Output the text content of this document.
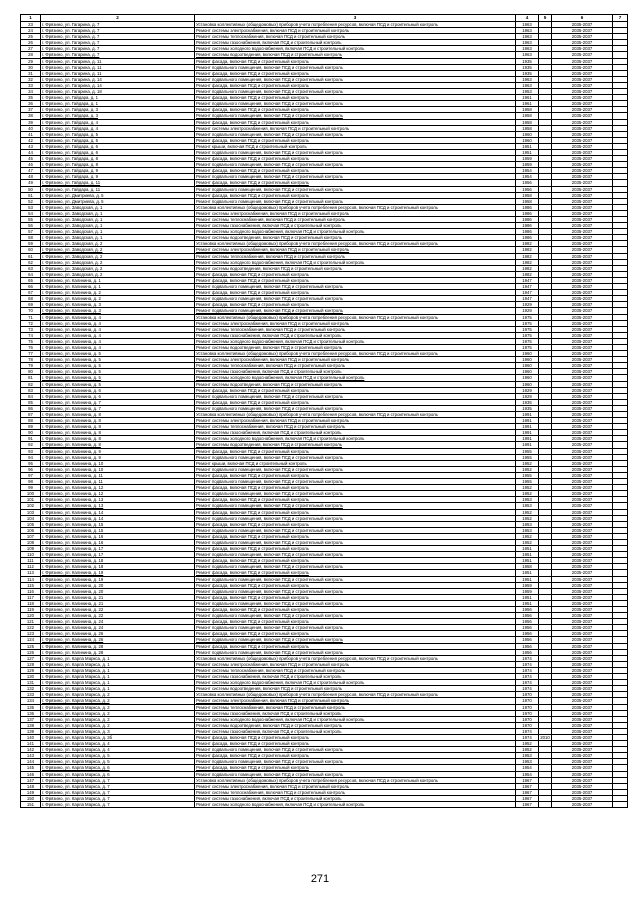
1	2	3	4	5	6	7
23	г. Фрязино, ул. Гагарина, д. 7	Установка коллективных (общедомовых) приборов учета потребления ресурсов, включая ПСД и строительный контроль	1963		2035-2037	
24	г. Фрязино, ул. Гагарина, д. 7	Ремонт системы электроснабжения, включая ПСД и строительный контроль	1963		2035-2037	
25	г. Фрязино, ул. Гагарина, д. 7	Ремонт системы теплоснабжения, включая ПСД и строительный контроль	1963		2035-2037	
26	г. Фрязино, ул. Гагарина, д. 7	Ремонт системы газоснабжения, включая ПСД и строительный контроль	1963		2035-2037	
27	г. Фрязино, ул. Гагарина, д. 7	Ремонт системы холодного водоснабжения, включая ПСД и строительный контроль	1963		2035-2037	
28	г. Фрязино, ул. Гагарина, д. 7	Ремонт системы водоотведения, включая ПСД и строительный контроль	1963		2035-2037	
29	г. Фрязино, ул. Гагарина, д. 11	Ремонт фасада, включая ПСД и строительный контроль	1935		2035-2037	
30	г. Фрязино, ул. Гагарина, д. 11	Ремонт подвального помещения, включая ПСД и строительный контроль	1935		2035-2037	
31	г. Фрязино, ул. Гагарина, д. 11	Ремонт фасада, включая ПСД и строительный контроль	1935		2035-2037	
32	г. Фрязино, ул. Гагарина, д. 14	Ремонт подвального помещения, включая ПСД и строительный контроль	1963		2035-2037	
33	г. Фрязино, ул. Гагарина, д. 14	Ремонт фасада, включая ПСД и строительный контроль	1963		2035-2037	
34	г. Фрязино, ул. Гагарина, д. 18	Ремонт подвального помещения, включая ПСД и строительный контроль	1953		2035-2037	
35	г. Фрязино, ул. Гайдара, д. 1	Ремонт фасада, включая ПСД и строительный контроль	1961		2035-2037	
36	г. Фрязино, ул. Гайдара, д. 1	Ремонт подвального помещения, включая ПСД и строительный контроль	1961		2035-2037	
37	г. Фрязино, ул. Гайдара, д. 3	Ремонт фасада, включая ПСД и строительный контроль	1958		2035-2037	
38	г. Фрязино, ул. Гайдара, д. 3	Ремонт подвального помещения, включая ПСД и строительный контроль	1958		2035-2037	
39	г. Фрязино, ул. Гайдара, д. 4	Ремонт фасада, включая ПСД и строительный контроль	1958		2035-2037	
40	г. Фрязино, ул. Гайдара, д. 4	Ремонт системы электроснабжения, включая ПСД и строительный контроль	1958		2035-2037	
41	г. Фрязино, ул. Гайдара, д. 5	Ремонт подвального помещения, включая ПСД и строительный контроль	1960		2035-2037	
42	г. Фрязино, ул. Гайдара, д. 5	Ремонт фасада, включая ПСД и строительный контроль	1960		2035-2037	
43	г. Фрязино, ул. Гайдара, д. 6	Ремонт крыши, включая ПСД и строительный контроль	1951		2035-2037	
44	г. Фрязино, ул. Гайдара, д. 6	Ремонт подвального помещения, включая ПСД и строительный контроль	1951		2035-2037	
45	г. Фрязино, ул. Гайдара, д. 8	Ремонт фасада, включая ПСД и строительный контроль	1959		2035-2037	
46	г. Фрязино, ул. Гайдара, д. 8	Ремонт подвального помещения, включая ПСД и строительный контроль	1959		2035-2037	
47	г. Фрязино, ул. Гайдара, д. 9	Ремонт фасада, включая ПСД и строительный контроль	1954		2035-2037	
48	г. Фрязино, ул. Гайдара, д. 9	Ремонт подвального помещения, включая ПСД и строительный контроль	1954		2035-2037	
49	г. Фрязино, ул. Гайдара, д. 11	Ремонт фасада, включая ПСД и строительный контроль	1956		2035-2037	
50	г. Фрязино, ул. Гайдара, д. 11	Ремонт подвального помещения, включая ПСД и строительный контроль	1956		2035-2037	
51	г. Фрязино, ул. Дмитриева, д. 5	Ремонт фасада, включая ПСД и строительный контроль	1958		2035-2037	
52	г. Фрязино, ул. Дмитриева, д. 5	Ремонт подвального помещения, включая ПСД и строительный контроль	1958		2035-2037	
53	г. Фрязино, ул. Заводская, д. 1	Установка коллективных (общедомовых) приборов учета потребления ресурсов, включая ПСД и строительный контроль	1986		2035-2037	
54	г. Фрязино, ул. Заводская, д. 1	Ремонт системы электроснабжения, включая ПСД и строительный контроль	1986		2035-2037	
55	г. Фрязино, ул. Заводская, д. 1	Ремонт системы теплоснабжения, включая ПСД и строительный контроль	1986		2035-2037	
56	г. Фрязино, ул. Заводская, д. 1	Ремонт системы газоснабжения, включая ПСД и строительный контроль	1986		2035-2037	
57	г. Фрязино, ул. Заводская, д. 1	Ремонт системы холодного водоснабжения, включая ПСД и строительный контроль	1986		2035-2037	
58	г. Фрязино, ул. Заводская, д. 1	Ремонт системы водоотведения, включая ПСД и строительный контроль	1986		2035-2037	
59	г. Фрязино, ул. Заводская, д. 2	Установка коллективных (общедомовых) приборов учета потребления ресурсов, включая ПСД и строительный контроль	1982		2035-2037	
60	г. Фрязино, ул. Заводская, д. 2	Ремонт системы электроснабжения, включая ПСД и строительный контроль	1982		2035-2037	
61	г. Фрязино, ул. Заводская, д. 2	Ремонт системы теплоснабжения, включая ПСД и строительный контроль	1982		2035-2037	
62	г. Фрязино, ул. Заводская, д. 2	Ремонт системы холодного водоснабжения, включая ПСД и строительный контроль	1982		2035-2037	
63	г. Фрязино, ул. Заводская, д. 2	Ремонт системы водоотведения, включая ПСД и строительный контроль	1982		2035-2037	
64	г. Фрязино, ул. Заводская, д. 2	Ремонт фасада, включая ПСД и строительный контроль	1982		2035-2037	
65	г. Фрязино, ул. Калинина, д. 1	Ремонт фасада, включая ПСД и строительный контроль	1947		2035-2037	
66	г. Фрязино, ул. Калинина, д. 1	Ремонт подвального помещения, включая ПСД и строительный контроль	1947		2035-2037	
67	г. Фрязино, ул. Калинина, д. 2	Ремонт фасада, включая ПСД и строительный контроль	1947		2035-2037	
68	г. Фрязино, ул. Калинина, д. 2	Ремонт подвального помещения, включая ПСД и строительный контроль	1947		2035-2037	
69	г. Фрязино, ул. Калинина, д. 3	Ремонт фасада, включая ПСД и строительный контроль	1929		2035-2037	
70	г. Фрязино, ул. Калинина, д. 3	Ремонт подвального помещения, включая ПСД и строительный контроль	1929		2035-2037	
71	г. Фрязино, ул. Калинина, д. 4	Установка коллективных (общедомовых) приборов учета потребления ресурсов, включая ПСД и строительный контроль	1975		2035-2037	
72	г. Фрязино, ул. Калинина, д. 4	Ремонт системы электроснабжения, включая ПСД и строительный контроль	1975		2035-2037	
73	г. Фрязино, ул. Калинина, д. 4	Ремонт системы теплоснабжения, включая ПСД и строительный контроль	1975		2035-2037	
74	г. Фрязино, ул. Калинина, д. 4	Ремонт системы газоснабжения, включая ПСД и строительный контроль	1975		2035-2037	
75	г. Фрязино, ул. Калинина, д. 4	Ремонт системы холодного водоснабжения, включая ПСД и строительный контроль	1975		2035-2037	
76	г. Фрязино, ул. Калинина, д. 4	Ремонт системы водоотведения, включая ПСД и строительный контроль	1975		2035-2037	
77	г. Фрязино, ул. Калинина, д. 5	Установка коллективных (общедомовых) приборов учета потребления ресурсов, включая ПСД и строительный контроль	1960		2035-2037	
78	г. Фрязино, ул. Калинина, д. 5	Ремонт системы электроснабжения, включая ПСД и строительный контроль	1960		2035-2037	
79	г. Фрязино, ул. Калинина, д. 5	Ремонт системы теплоснабжения, включая ПСД и строительный контроль	1960		2035-2037	
80	г. Фрязино, ул. Калинина, д. 5	Ремонт системы газоснабжения, включая ПСД и строительный контроль	1960		2035-2037	
81	г. Фрязино, ул. Калинина, д. 5	Ремонт системы холодного водоснабжения, включая ПСД и строительный контроль	1960		2035-2037	
82	г. Фрязино, ул. Калинина, д. 5	Ремонт системы водоотведения, включая ПСД и строительный контроль	1960		2035-2037	
83	г. Фрязино, ул. Калинина, д. 6	Ремонт фасада, включая ПСД и строительный контроль	1929		2035-2037	
84	г. Фрязино, ул. Калинина, д. 6	Ремонт подвального помещения, включая ПСД и строительный контроль	1929		2035-2037	
85	г. Фрязино, ул. Калинина, д. 7	Ремонт фасада, включая ПСД и строительный контроль	1935		2035-2037	
86	г. Фрязино, ул. Калинина, д. 7	Ремонт подвального помещения, включая ПСД и строительный контроль	1935		2035-2037	
87	г. Фрязино, ул. Калинина, д. 8	Установка коллективных (общедомовых) приборов учета потребления ресурсов, включая ПСД и строительный контроль	1991		2035-2037	
88	г. Фрязино, ул. Калинина, д. 8	Ремонт системы электроснабжения, включая ПСД и строительный контроль	1991		2035-2037	
89	г. Фрязино, ул. Калинина, д. 8	Ремонт системы теплоснабжения, включая ПСД и строительный контроль	1991		2035-2037	
90	г. Фрязино, ул. Калинина, д. 8	Ремонт системы газоснабжения, включая ПСД и строительный контроль	1991		2035-2037	
91	г. Фрязино, ул. Калинина, д. 8	Ремонт системы холодного водоснабжения, включая ПСД и строительный контроль	1991		2035-2037	
92	г. Фрязино, ул. Калинина, д. 8	Ремонт системы водоотведения, включая ПСД и строительный контроль	1991		2035-2037	
93	г. Фрязино, ул. Калинина, д. 9	Ремонт фасада, включая ПСД и строительный контроль	1955		2035-2037	
94	г. Фрязино, ул. Калинина, д. 9	Ремонт подвального помещения, включая ПСД и строительный контроль	1955		2035-2037	
95	г. Фрязино, ул. Калинина, д. 10	Ремонт крыши, включая ПСД и строительный контроль	1952		2035-2037	
96	г. Фрязино, ул. Калинина, д. 10	Ремонт подвального помещения, включая ПСД и строительный контроль	1952		2035-2037	
97	г. Фрязино, ул. Калинина, д. 11	Ремонт фасада, включая ПСД и строительный контроль	1955		2035-2037	
98	г. Фрязино, ул. Калинина, д. 11	Ремонт подвального помещения, включая ПСД и строительный контроль	1955		2035-2037	
99	г. Фрязино, ул. Калинина, д. 12	Ремонт фасада, включая ПСД и строительный контроль	1952		2035-2037	
100	г. Фрязино, ул. Калинина, д. 12	Ремонт подвального помещения, включая ПСД и строительный контроль	1952		2035-2037	
101	г. Фрязино, ул. Калинина, д. 13	Ремонт фасада, включая ПСД и строительный контроль	1953		2035-2037	
102	г. Фрязино, ул. Калинина, д. 13	Ремонт подвального помещения, включая ПСД и строительный контроль	1953		2035-2037	
103	г. Фрязино, ул. Калинина, д. 14	Ремонт фасада, включая ПСД и строительный контроль	1952		2035-2037	
104	г. Фрязино, ул. Калинина, д. 14	Ремонт подвального помещения, включая ПСД и строительный контроль	1952		2035-2037	
105	г. Фрязино, ул. Калинина, д. 15	Ремонт фасада, включая ПСД и строительный контроль	1953		2035-2037	
106	г. Фрязино, ул. Калинина, д. 15	Ремонт подвального помещения, включая ПСД и строительный контроль	1953		2035-2037	
107	г. Фрязино, ул. Калинина, д. 16	Ремонт фасада, включая ПСД и строительный контроль	1952		2035-2037	
108	г. Фрязино, ул. Калинина, д. 16	Ремонт подвального помещения, включая ПСД и строительный контроль	1952		2035-2037	
109	г. Фрязино, ул. Калинина, д. 17	Ремонт фасада, включая ПСД и строительный контроль	1951		2035-2037	
110	г. Фрязино, ул. Калинина, д. 17	Ремонт подвального помещения, включая ПСД и строительный контроль	1951		2035-2037	
111	г. Фрязино, ул. Калинина, д. 18	Ремонт фасада, включая ПСД и строительный контроль	1951		2035-2037	
112	г. Фрязино, ул. Калинина, д. 18	Ремонт подвального помещения, включая ПСД и строительный контроль	1958		2035-2037	
113	г. Фрязино, ул. Калинина, д. 19	Ремонт фасада, включая ПСД и строительный контроль	1951		2035-2037	
114	г. Фрязино, ул. Калинина, д. 19	Ремонт подвального помещения, включая ПСД и строительный контроль	1951		2035-2037	
115	г. Фрязино, ул. Калинина, д. 20	Ремонт фасада, включая ПСД и строительный контроль	1959		2035-2037	
116	г. Фрязино, ул. Калинина, д. 20	Ремонт подвального помещения, включая ПСД и строительный контроль	1959		2035-2037	
117	г. Фрязино, ул. Калинина, д. 21	Ремонт фасада, включая ПСД и строительный контроль	1951		2035-2037	
118	г. Фрязино, ул. Калинина, д. 21	Ремонт подвального помещения, включая ПСД и строительный контроль	1951		2035-2037	
119	г. Фрязино, ул. Калинина, д. 22	Ремонт фасада, включая ПСД и строительный контроль	1956		2035-2037	
120	г. Фрязино, ул. Калинина, д. 22	Ремонт подвального помещения, включая ПСД и строительный контроль	1956		2035-2037	
121	г. Фрязино, ул. Калинина, д. 24	Ремонт фасада, включая ПСД и строительный контроль	1956		2035-2037	
122	г. Фрязино, ул. Калинина, д. 24	Ремонт подвального помещения, включая ПСД и строительный контроль	1956		2035-2037	
123	г. Фрязино, ул. Калинина, д. 26	Ремонт фасада, включая ПСД и строительный контроль	1956		2035-2037	
124	г. Фрязино, ул. Калинина, д. 26	Ремонт подвального помещения, включая ПСД и строительный контроль	1956		2035-2037	
125	г. Фрязино, ул. Калинина, д. 28	Ремонт фасада, включая ПСД и строительный контроль	1956		2035-2037	
126	г. Фрязино, ул. Калинина, д. 28	Ремонт подвального помещения, включая ПСД и строительный контроль	1956		2035-2037	
127	г. Фрязино, ул. Карла Маркса, д. 1	Установка коллективных (общедомовых) приборов учета потребления ресурсов, включая ПСД и строительный контроль	1974		2035-2037	
128	г. Фрязино, ул. Карла Маркса, д. 1	Ремонт системы электроснабжения, включая ПСД и строительный контроль	1974		2035-2037	
129	г. Фрязино, ул. Карла Маркса, д. 1	Ремонт системы теплоснабжения, включая ПСД и строительный контроль	1974		2035-2037	
130	г. Фрязино, ул. Карла Маркса, д. 1	Ремонт системы газоснабжения, включая ПСД и строительный контроль	1974		2035-2037	
131	г. Фрязино, ул. Карла Маркса, д. 1	Ремонт системы холодного водоснабжения, включая ПСД и строительный контроль	1974		2035-2037	
132	г. Фрязино, ул. Карла Маркса, д. 1	Ремонт системы водоотведения, включая ПСД и строительный контроль	1974		2035-2037	
133	г. Фрязино, ул. Карла Маркса, д. 2	Установка коллективных (общедомовых) приборов учета потребления ресурсов, включая ПСД и строительный контроль	1970		2035-2037	
134	г. Фрязино, ул. Карла Маркса, д. 2	Ремонт системы электроснабжения, включая ПСД и строительный контроль	1970		2035-2037	
135	г. Фрязино, ул. Карла Маркса, д. 2	Ремонт системы теплоснабжения, включая ПСД и строительный контроль	1970		2035-2037	
136	г. Фрязино, ул. Карла Маркса, д. 2	Ремонт системы газоснабжения, включая ПСД и строительный контроль	1970		2035-2037	
137	г. Фрязино, ул. Карла Маркса, д. 2	Ремонт системы холодного водоснабжения, включая ПСД и строительный контроль	1970		2035-2037	
138	г. Фрязино, ул. Карла Маркса, д. 2	Ремонт системы водоотведения, включая ПСД и строительный контроль	1970		2035-2037	
139	г. Фрязино, ул. Карла Маркса, д. 3	Ремонт системы газоснабжения, включая ПСД и строительный контроль	1974		2035-2037	
140	г. Фрязино, ул. Карла Маркса, д. 3б	Ремонт фасада, включая ПСД и строительный контроль	1974	2010	2035-2037	
141	г. Фрязино, ул. Карла Маркса, д. 4	Ремонт фасада, включая ПСД и строительный контроль	1952		2035-2037	
142	г. Фрязино, ул. Карла Маркса, д. 4	Ремонт подвального помещения, включая ПСД и строительный контроль	1952		2035-2037	
143	г. Фрязино, ул. Карла Маркса, д. 5	Ремонт фасада, включая ПСД и строительный контроль	1953		2035-2037	
144	г. Фрязино, ул. Карла Маркса, д. 5	Ремонт подвального помещения, включая ПСД и строительный контроль	1953		2035-2037	
145	г. Фрязино, ул. Карла Маркса, д. 6	Ремонт фасада, включая ПСД и строительный контроль	1954		2035-2037	
146	г. Фрязино, ул. Карла Маркса, д. 6	Ремонт подвального помещения, включая ПСД и строительный контроль	1954		2035-2037	
147	г. Фрязино, ул. Карла Маркса, д. 7	Установка коллективных (общедомовых) приборов учета потребления ресурсов, включая ПСД и строительный контроль	1967		2035-2037	
148	г. Фрязино, ул. Карла Маркса, д. 7	Ремонт системы электроснабжения, включая ПСД и строительный контроль	1967		2035-2037	
149	г. Фрязино, ул. Карла Маркса, д. 7	Ремонт системы теплоснабжения, включая ПСД и строительный контроль	1967		2035-2037	
150	г. Фрязино, ул. Карла Маркса, д. 7	Ремонт системы газоснабжения, включая ПСД и строительный контроль	1967		2035-2037	
151	г. Фрязино, ул. Карла Маркса, д. 7	Ремонт системы холодного водоснабжения, включая ПСД и строительный контроль	1967		2035-2037	
271
